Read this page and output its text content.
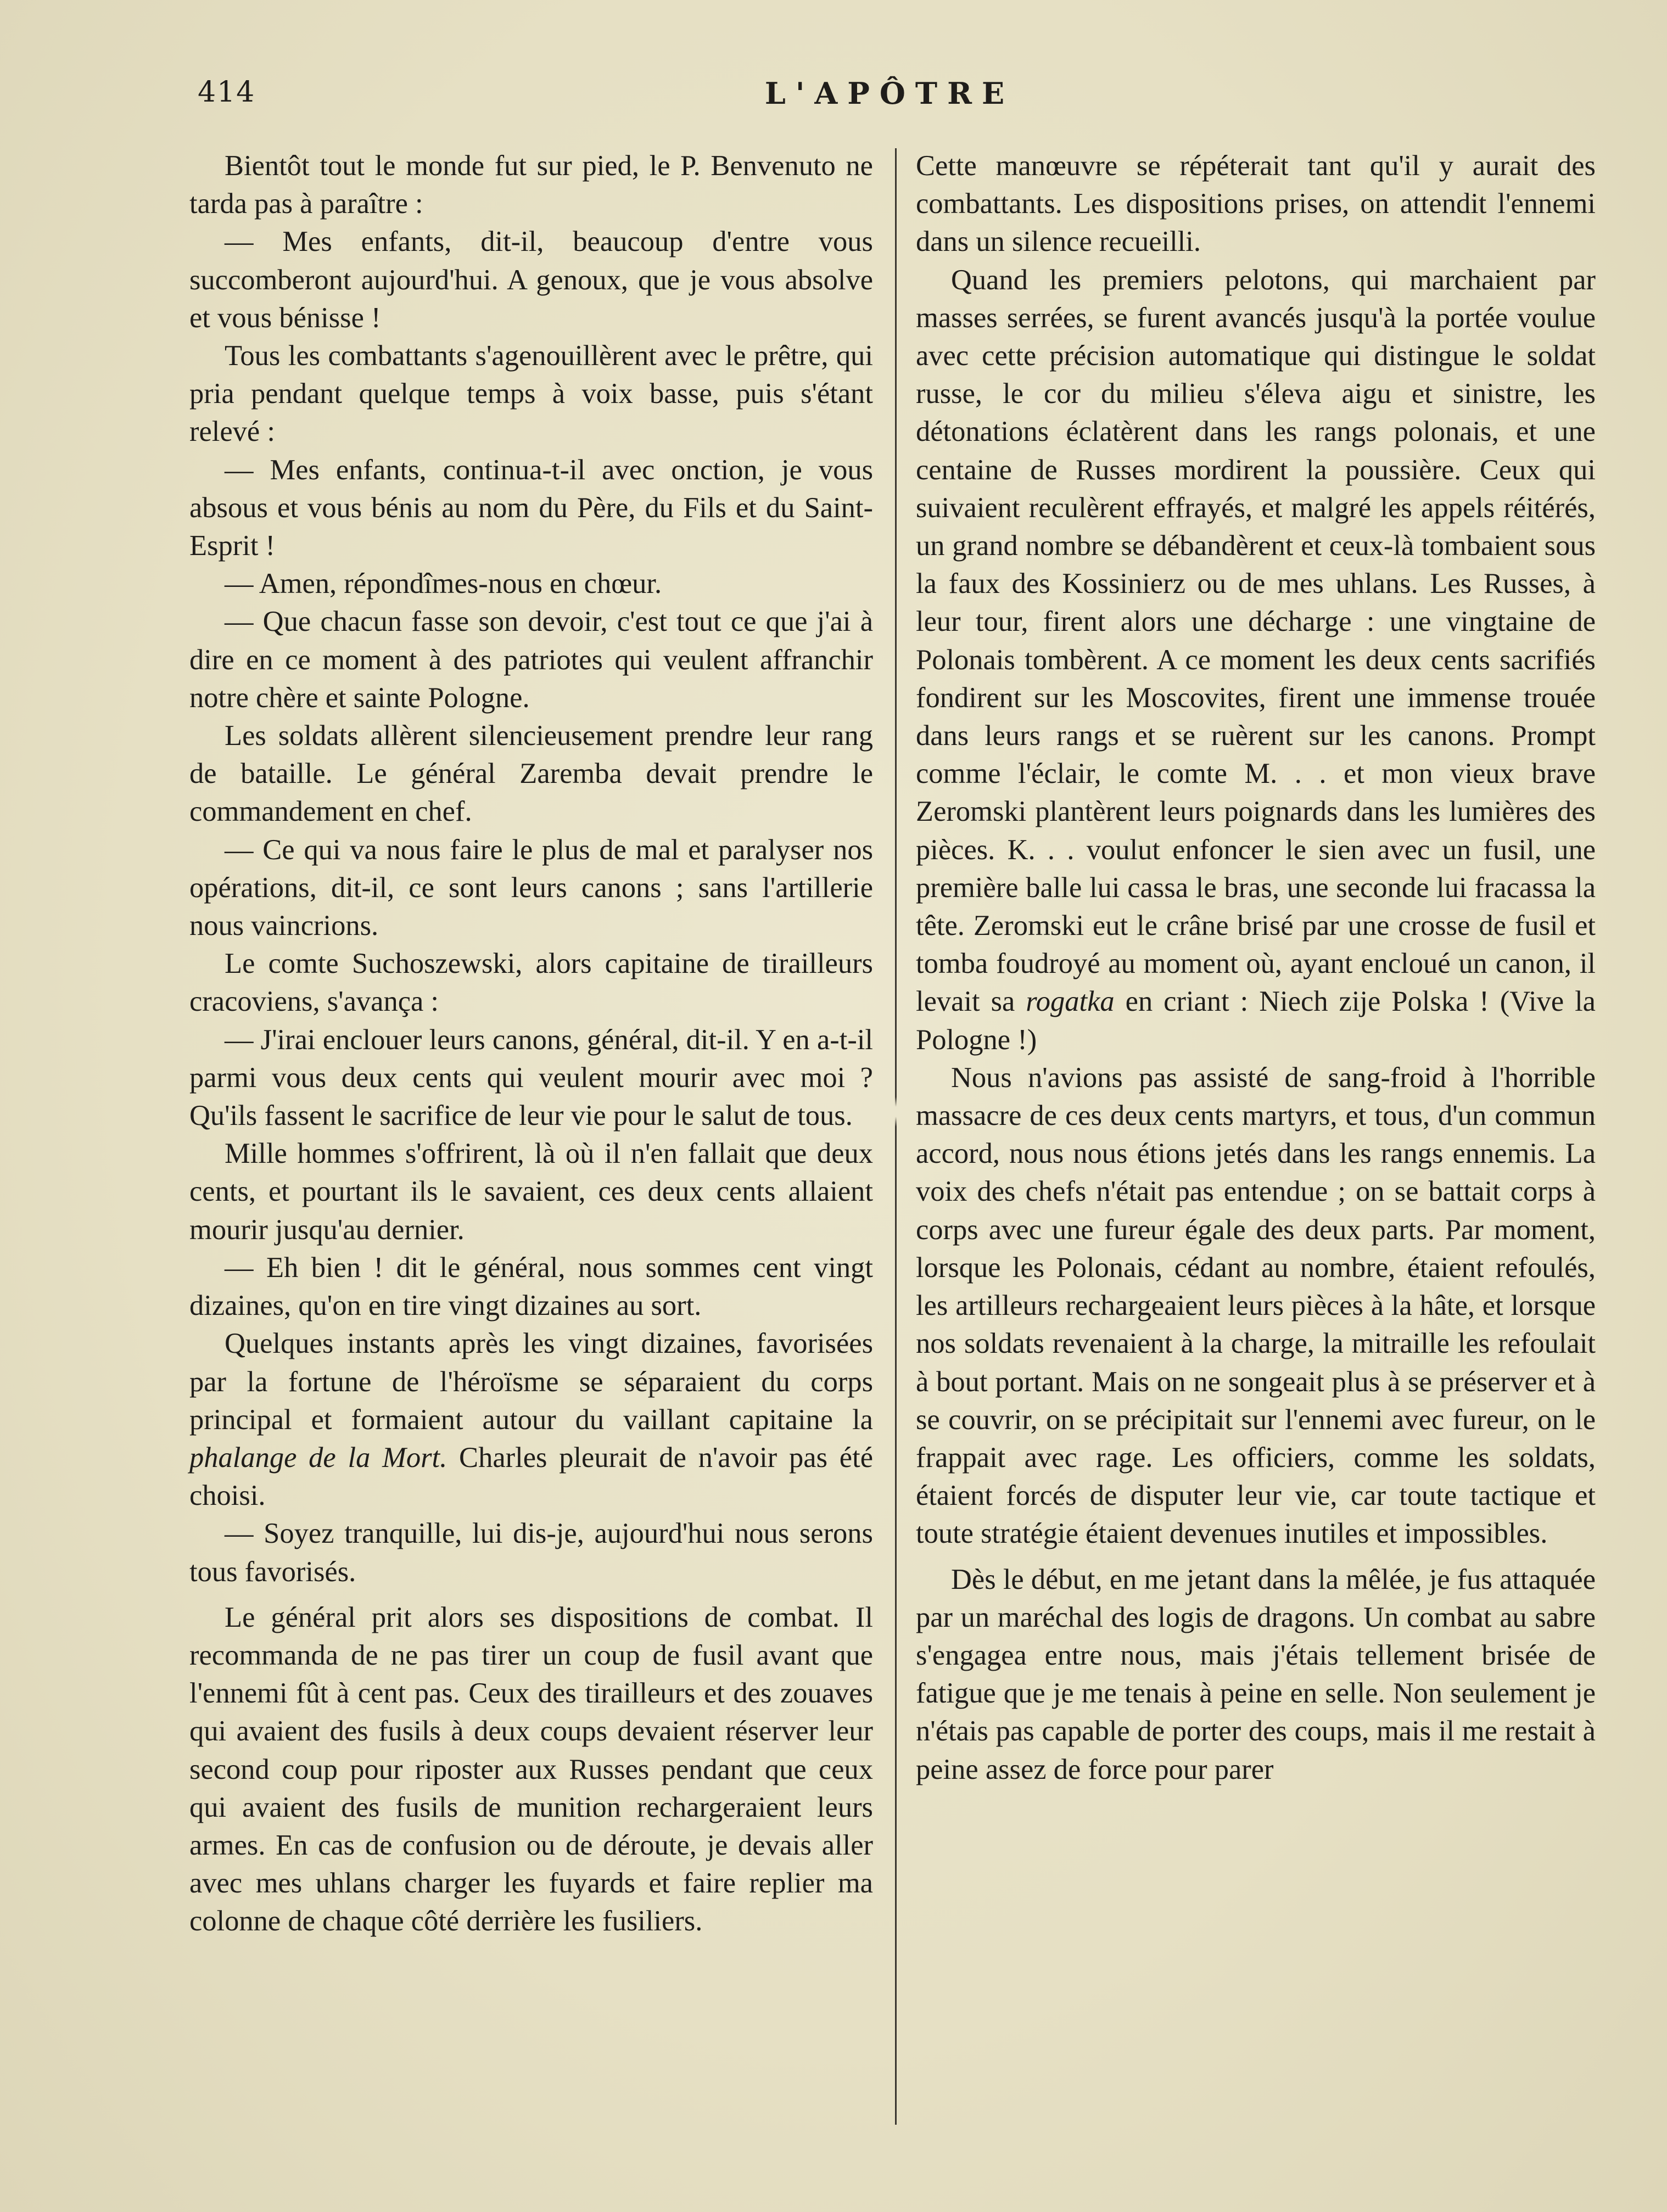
414	L'APÔTRE

Bientôt tout le monde fut sur pied, le P. Benvenuto ne tarda pas à paraître :

— Mes enfants, dit-il, beaucoup d'entre vous succomberont aujourd'hui. A genoux, que je vous absolve et vous bénisse !

Tous les combattants s'agenouillèrent avec le prêtre, qui pria pendant quelque temps à voix basse, puis s'étant relevé :

— Mes enfants, continua-t-il avec onction, je vous absous et vous bénis au nom du Père, du Fils et du Saint-Esprit !

— Amen, répondîmes-nous en chœur.

— Que chacun fasse son devoir, c'est tout ce que j'ai à dire en ce moment à des patriotes qui veulent affranchir notre chère et sainte Pologne.

Les soldats allèrent silencieusement prendre leur rang de bataille. Le général Zaremba devait prendre le commandement en chef.

— Ce qui va nous faire le plus de mal et paralyser nos opérations, dit-il, ce sont leurs canons ; sans l'artillerie nous vaincrions.

Le comte Suchoszewski, alors capitaine de tirailleurs cracoviens, s'avança :

— J'irai enclouer leurs canons, général, dit-il. Y en a-t-il parmi vous deux cents qui veulent mourir avec moi ? Qu'ils fassent le sacrifice de leur vie pour le salut de tous.

Mille hommes s'offrirent, là où il n'en fallait que deux cents, et pourtant ils le savaient, ces deux cents allaient mourir jusqu'au dernier.

— Eh bien ! dit le général, nous sommes cent vingt dizaines, qu'on en tire vingt dizaines au sort.

Quelques instants après les vingt dizaines, favorisées par la fortune de l'héroïsme se séparaient du corps principal et formaient autour du vaillant capitaine la phalange de la Mort. Charles pleurait de n'avoir pas été choisi.

— Soyez tranquille, lui dis-je, aujourd'hui nous serons tous favorisés.

Le général prit alors ses dispositions de combat. Il recommanda de ne pas tirer un coup de fusil avant que l'ennemi fût à cent pas. Ceux des tirailleurs et des zouaves qui avaient des fusils à deux coups devaient réserver leur second coup pour riposter aux Russes pendant que ceux qui avaient des fusils de munition rechargeraient leurs armes. En cas de confusion ou de déroute, je devais aller avec mes uhlans charger les fuyards et faire replier ma colonne de chaque côté derrière les fusiliers.

Cette manœuvre se répéterait tant qu'il y aurait des combattants. Les dispositions prises, on attendit l'ennemi dans un silence recueilli.

Quand les premiers pelotons, qui marchaient par masses serrées, se furent avancés jusqu'à la portée voulue avec cette précision automatique qui distingue le soldat russe, le cor du milieu s'éleva aigu et sinistre, les détonations éclatèrent dans les rangs polonais, et une centaine de Russes mordirent la poussière. Ceux qui suivaient reculèrent effrayés, et malgré les appels réitérés, un grand nombre se débandèrent et ceux-là tombaient sous la faux des Kossinierz ou de mes uhlans. Les Russes, à leur tour, firent alors une décharge : une vingtaine de Polonais tombèrent. A ce moment les deux cents sacrifiés fondirent sur les Moscovites, firent une immense trouée dans leurs rangs et se ruèrent sur les canons. Prompt comme l'éclair, le comte M. . . et mon vieux brave Zeromski plantèrent leurs poignards dans les lumières des pièces. K. . . voulut enfoncer le sien avec un fusil, une première balle lui cassa le bras, une seconde lui fracassa la tête. Zeromski eut le crâne brisé par une crosse de fusil et tomba foudroyé au moment où, ayant encloué un canon, il levait sa rogatka en criant : Niech zije Polska ! (Vive la Pologne !)

Nous n'avions pas assisté de sang-froid à l'horrible massacre de ces deux cents martyrs, et tous, d'un commun accord, nous nous étions jetés dans les rangs ennemis. La voix des chefs n'était pas entendue ; on se battait corps à corps avec une fureur égale des deux parts. Par moment, lorsque les Polonais, cédant au nombre, étaient refoulés, les artilleurs rechargeaient leurs pièces à la hâte, et lorsque nos soldats revenaient à la charge, la mitraille les refoulait à bout portant. Mais on ne songeait plus à se préserver et à se couvrir, on se précipitait sur l'ennemi avec fureur, on le frappait avec rage. Les officiers, comme les soldats, étaient forcés de disputer leur vie, car toute tactique et toute stratégie étaient devenues inutiles et impossibles.

Dès le début, en me jetant dans la mêlée, je fus attaquée par un maréchal des logis de dragons. Un combat au sabre s'engagea entre nous, mais j'étais tellement brisée de fatigue que je me tenais à peine en selle. Non seulement je n'étais pas capable de porter des coups, mais il me restait à peine assez de force pour parer
